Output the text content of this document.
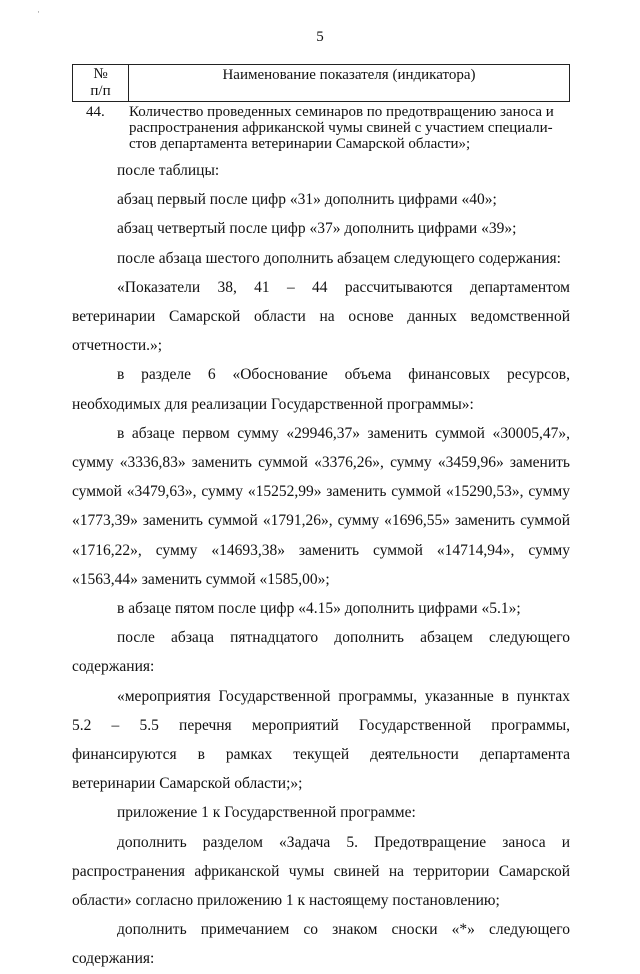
·
5
№
п/п	Наименование показателя (индикатора)
44. Количество проведенных семинаров по предотвращению заноса и
распространения африканской чумы свиней с участием специали-
стов департамента ветеринарии Самарской области»;

после таблицы:

абзац первый после цифр «31» дополнить цифрами «40»;

абзац четвертый после цифр «37» дополнить цифрами «39»;

после абзаца шестого дополнить абзацем следующего содержания:

«Показатели 38, 41 – 44 рассчитываются департаментом ветеринарии Самарской области на основе данных ведомственной отчетности.»;

в разделе 6 «Обоснование объема финансовых ресурсов, необходимых для реализации Государственной программы»:

в абзаце первом сумму «29946,37» заменить суммой «30005,47», сумму «3336,83» заменить суммой «3376,26», сумму «3459,96» заменить суммой «3479,63», сумму «15252,99» заменить суммой «15290,53», сумму «1773,39» заменить суммой «1791,26», сумму «1696,55» заменить суммой «1716,22», сумму «14693,38» заменить суммой «14714,94», сумму «1563,44» заменить суммой «1585,00»;

в абзаце пятом после цифр «4.15» дополнить цифрами «5.1»;

после абзаца пятнадцатого дополнить абзацем следующего содержания:

«мероприятия Государственной программы, указанные в пунктах 5.2 – 5.5 перечня мероприятий Государственной программы, финансируются в рамках текущей деятельности департамента ветеринарии Самарской области;»;

приложение 1 к Государственной программе:

дополнить разделом «Задача 5. Предотвращение заноса и распространения африканской чумы свиней на территории Самарской области» согласно приложению 1 к настоящему постановлению;

дополнить примечанием со знаком сноски «*» следующего содержания:
